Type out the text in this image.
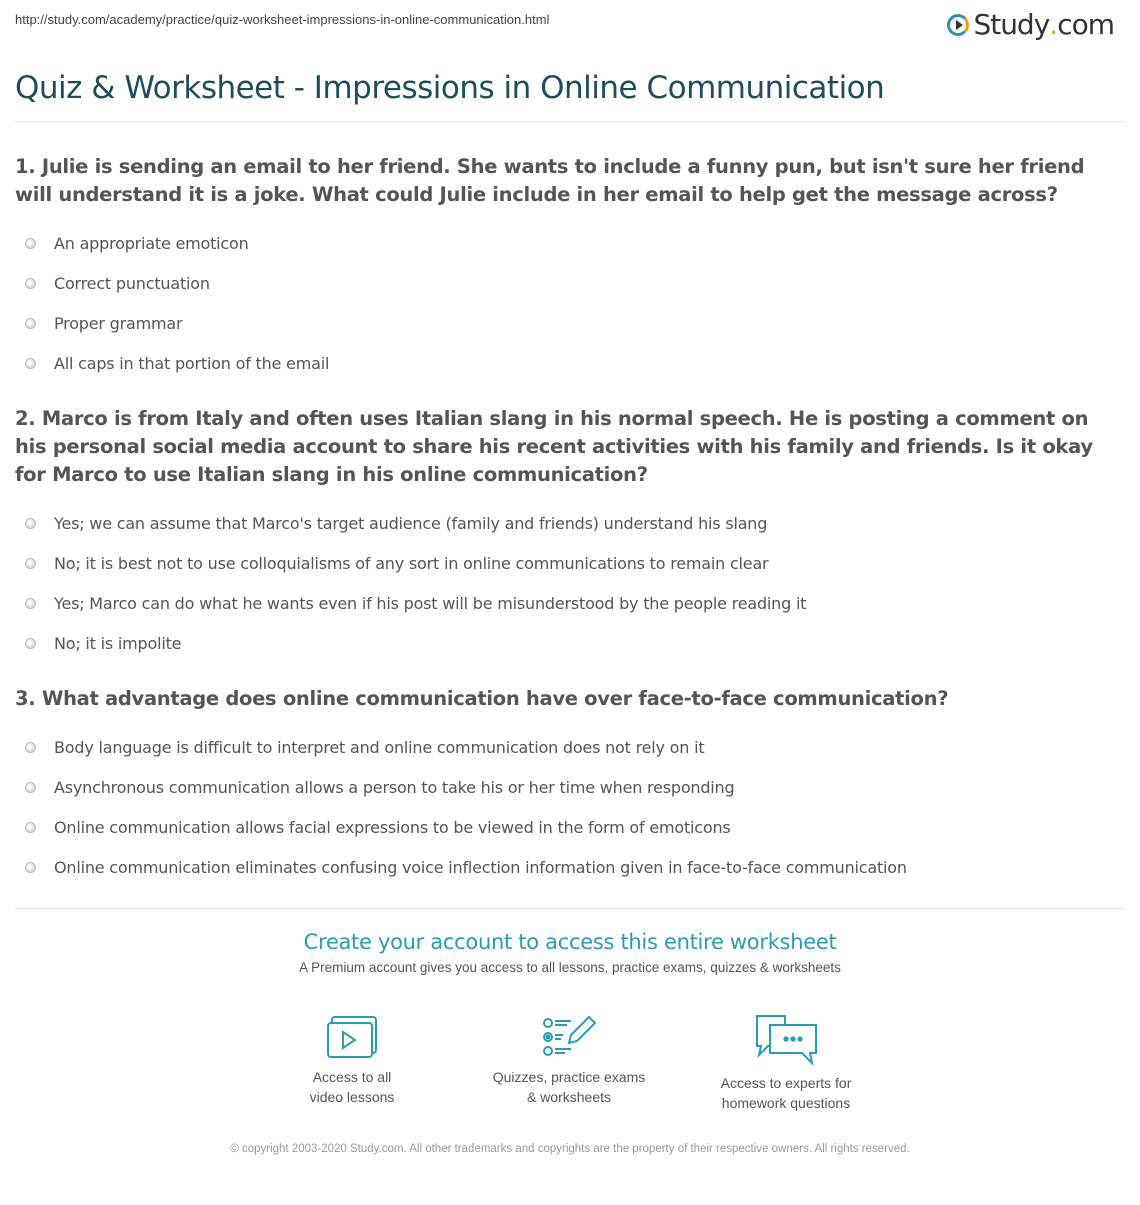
http://study.com/academy/practice/quiz-worksheet-impressions-in-online-communication.html	Study . com
Quiz & Worksheet - Impressions in Online Communication
1. Julie is sending an email to her friend. She wants to include a funny pun, but isn't sure her friend will understand it is a joke. What could Julie include in her email to help get the message across?
An appropriate emoticon
Correct punctuation
Proper grammar
All caps in that portion of the email
2. Marco is from Italy and often uses Italian slang in his normal speech. He is posting a comment on his personal social media account to share his recent activities with his family and friends. Is it okay for Marco to use Italian slang in his online communication?
Yes; we can assume that Marco's target audience (family and friends) understand his slang
No; it is best not to use colloquialisms of any sort in online communications to remain clear
Yes; Marco can do what he wants even if his post will be misunderstood by the people reading it
No; it is impolite
3. What advantage does online communication have over face-to-face communication?
Body language is difficult to interpret and online communication does not rely on it
Asynchronous communication allows a person to take his or her time when responding
Online communication allows facial expressions to be viewed in the form of emoticons
Online communication eliminates confusing voice inflection information given in face-to-face communication
Create your account to access this entire worksheet

A Premium account gives you access to all lessons, practice exams, quizzes & worksheets

Access to all
video lessons
Quizzes, practice exams
& worksheets
Access to experts for
homework questions
© copyright 2003-2020 Study.com. All other trademarks and copyrights are the property of their respective owners. All rights reserved.
